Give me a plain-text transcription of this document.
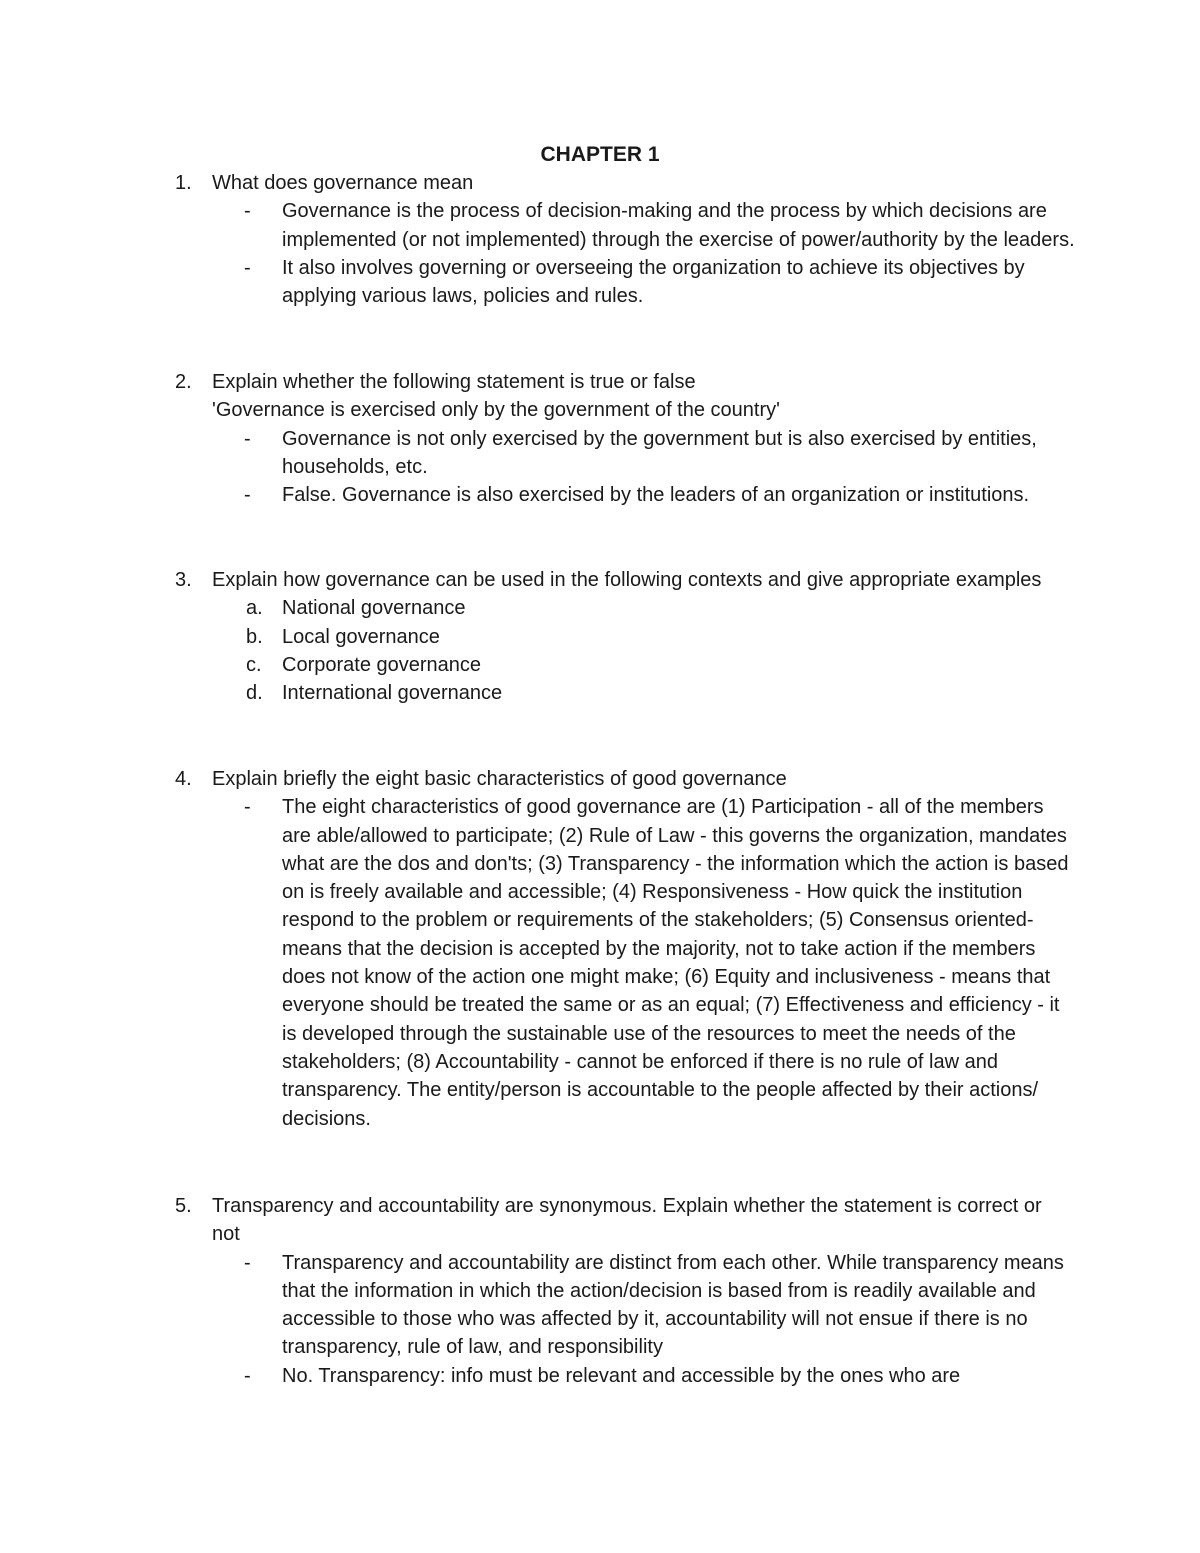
CHAPTER 1
1. What does governance mean
- Governance is the process of decision-making and the process by which decisions are implemented (or not implemented) through the exercise of power/authority by the leaders.
- It also involves governing or overseeing the organization to achieve its objectives by applying various laws, policies and rules.
2. Explain whether the following statement is true or false
'Governance is exercised only by the government of the country'
- Governance is not only exercised by the government but is also exercised by entities, households, etc.
- False. Governance is also exercised by the leaders of an organization or institutions.
3. Explain how governance can be used in the following contexts and give appropriate examples
a. National governance
b. Local governance
c. Corporate governance
d. International governance
4. Explain briefly the eight basic characteristics of good governance
- The eight characteristics of good governance are (1) Participation - all of the members are able/allowed to participate; (2) Rule of Law - this governs the organization, mandates what are the dos and don'ts; (3) Transparency - the information which the action is based on is freely available and accessible; (4) Responsiveness - How quick the institution respond to the problem or requirements of the stakeholders; (5) Consensus oriented- means that the decision is accepted by the majority, not to take action if the members does not know of the action one might make; (6) Equity and inclusiveness - means that everyone should be treated the same or as an equal; (7) Effectiveness and efficiency - it is developed through the sustainable use of the resources to meet the needs of the stakeholders; (8) Accountability - cannot be enforced if there is no rule of law and transparency. The entity/person is accountable to the people affected by their actions/ decisions.
5. Transparency and accountability are synonymous. Explain whether the statement is correct or not
- Transparency and accountability are distinct from each other. While transparency means that the information in which the action/decision is based from is readily available and accessible to those who was affected by it, accountability will not ensue if there is no transparency, rule of law, and responsibility
- No. Transparency: info must be relevant and accessible by the ones who are
